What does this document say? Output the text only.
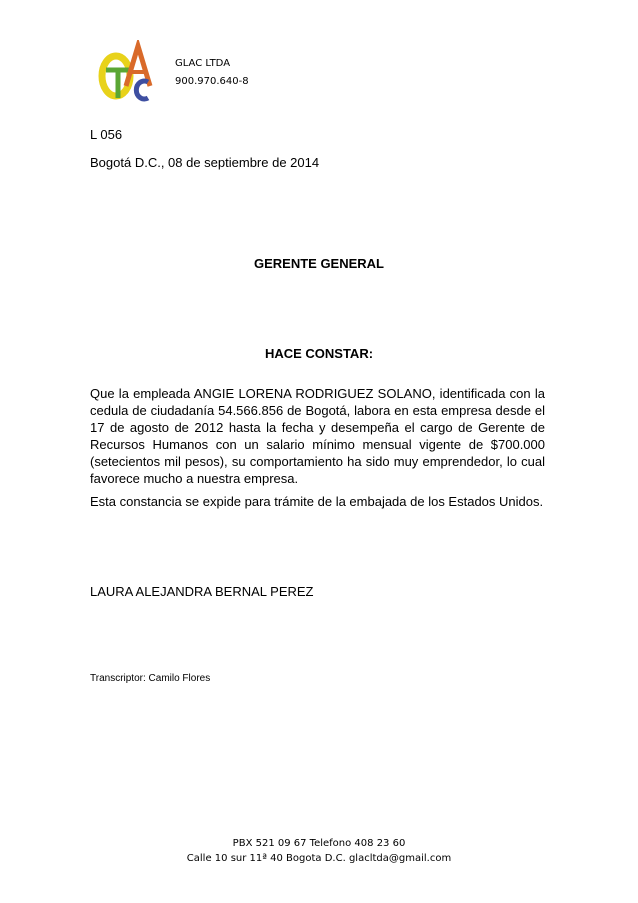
GLAC LTDA
900.970.640-8
L 056
Bogotá D.C., 08 de septiembre de 2014
GERENTE GENERAL
HACE CONSTAR:
Que la empleada ANGIE LORENA RODRIGUEZ SOLANO, identificada con la cedula de ciudadanía 54.566.856 de Bogotá, labora en esta empresa desde el 17 de agosto de 2012 hasta la fecha y desempeña el cargo de Gerente de Recursos Humanos con un salario mínimo mensual vigente de $700.000 (setecientos mil pesos), su comportamiento ha sido muy emprendedor, lo cual favorece mucho a nuestra empresa.
Esta constancia se expide para trámite de la embajada de los Estados Unidos.
LAURA ALEJANDRA BERNAL PEREZ
Transcriptor: Camilo Flores
PBX 521 09 67 Telefono 408 23 60
Calle 10 sur 11ª 40 Bogota D.C. glacltda@gmail.com
